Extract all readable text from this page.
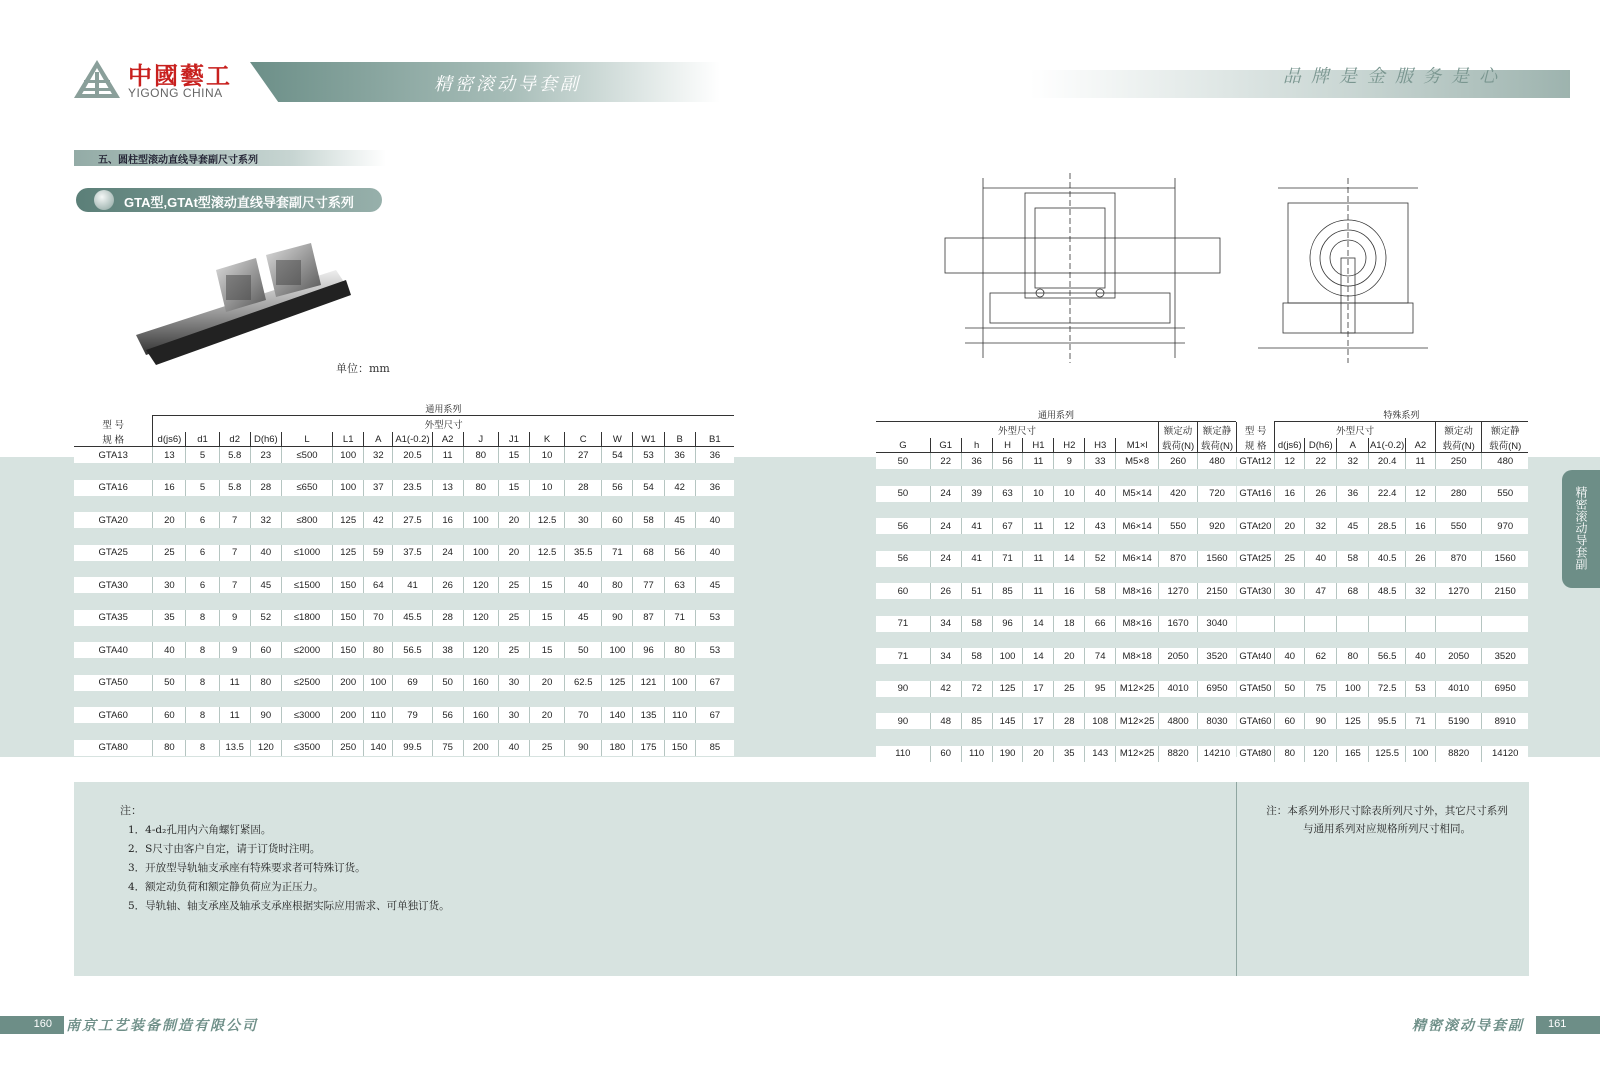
中國藝工
YIGONG CHINA	精密滚动导套副	品牌是金服务是心
五、圆柱型滚动直线导套副尺寸系列
GTA型,GTAt型滚动直线导套副尺寸系列
单位：mm
	通用系列																
型 号	外型尺寸																
规 格	d(js6)	d1	d2	D(h6)	L	L1	A	A1(-0.2)	A2	J	J1	K	C	W	W1	B	B1
GTA13	13	5	5.8	23	≤500	100	32	20.5	11	80	15	10	27	54	53	36	36

GTA16	16	5	5.8	28	≤650	100	37	23.5	13	80	15	10	28	56	54	42	36

GTA20	20	6	7	32	≤800	125	42	27.5	16	100	20	12.5	30	60	58	45	40

GTA25	25	6	7	40	≤1000	125	59	37.5	24	100	20	12.5	35.5	71	68	56	40

GTA30	30	6	7	45	≤1500	150	64	41	26	120	25	15	40	80	77	63	45

GTA35	35	8	9	52	≤1800	150	70	45.5	28	120	25	15	45	90	87	71	53

GTA40	40	8	9	60	≤2000	150	80	56.5	38	120	25	15	50	100	96	80	53

GTA50	50	8	11	80	≤2500	200	100	69	50	160	30	20	62.5	125	121	100	67

GTA60	60	8	11	90	≤3000	200	110	79	56	160	30	20	70	140	135	110	67

GTA80	80	8	13.5	120	≤3500	250	140	99.5	75	200	40	25	90	180	175	150	85
通用系列									
外型尺寸								额定动	额定静
G	G1	h	H	H1	H2	H3	M1×l	载荷(N)	载荷(N)
50	22	36	56	11	9	33	M5×8	260	480

50	24	39	63	10	10	40	M5×14	420	720

56	24	41	67	11	12	43	M6×14	550	920

56	24	41	71	11	14	52	M6×14	870	1560

60	26	51	85	11	16	58	M8×16	1270	2150

71	34	58	96	14	18	66	M8×16	1670	3040

71	34	58	100	14	20	74	M8×18	2050	3520

90	42	72	125	17	25	95	M12×25	4010	6950

90	48	85	145	17	28	108	M12×25	4800	8030

110	60	110	190	20	35	143	M12×25	8820	14210
	特殊系列						
型 号	外型尺寸					额定动	额定静
规 格	d(js6)	D(h6)	A	A1(-0.2)	A2	载荷(N)	载荷(N)
GTAt12	12	22	32	20.4	11	250	480

GTAt16	16	26	36	22.4	12	280	550

GTAt20	20	32	45	28.5	16	550	970

GTAt25	25	40	58	40.5	26	870	1560

GTAt30	30	47	68	48.5	32	1270	2150

GTAt40	40	62	80	56.5	40	2050	3520

GTAt50	50	75	100	72.5	53	4010	6950

GTAt60	60	90	125	95.5	71	5190	8910

GTAt80	80	120	165	125.5	100	8820	14120
注：
1．4-d₂孔用内六角螺钉紧固。
2．S尺寸由客户自定，请于订货时注明。
3．开放型导轨轴支承座有特殊要求者可特殊订货。
4．额定动负荷和额定静负荷应为正压力。
5．导轨轴、轴支承座及轴承支承座根据实际应用需求、可单独订货。
注：本系列外形尺寸除表所列尺寸外，其它尺寸系列与通用系列对应规格所列尺寸相同。
精密滚动导套副
160 南京工艺装备制造有限公司	精密滚动导套副 161
